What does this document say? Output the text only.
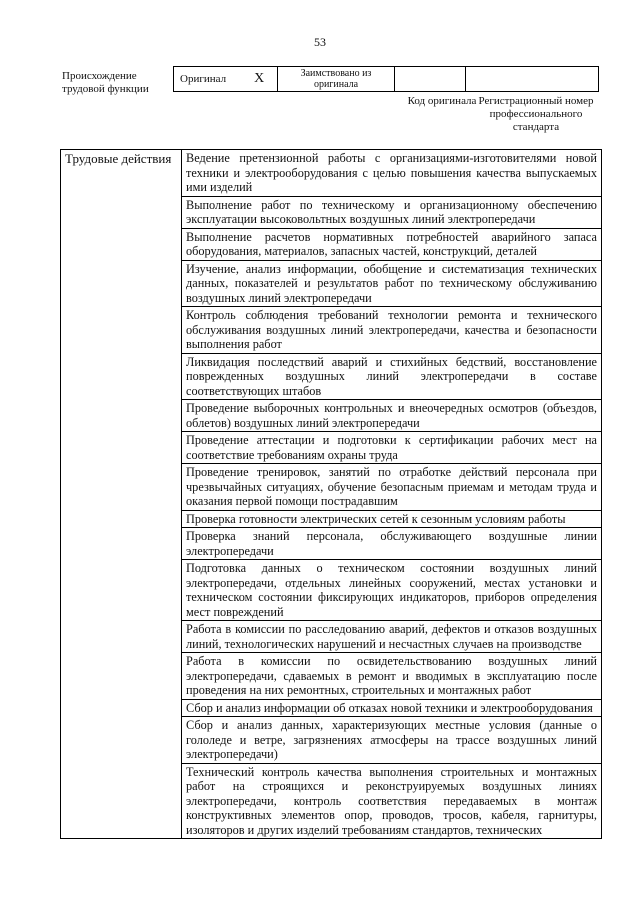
53
Происхождение трудовой функции
Оригинал X	Заимствовано из оригинала		
Код оригинала Регистрационный номер профессионального стандарта
Трудовые действия	Ведение претензионной работы с организациями-изготовителями новой техники и электрооборудования с целью повышения качества выпускаемых ими изделий
Выполнение работ по техническому и организационному обеспечению эксплуатации высоковольтных воздушных линий электропередачи
Выполнение расчетов нормативных потребностей аварийного запаса оборудования, материалов, запасных частей, конструкций, деталей
Изучение, анализ информации, обобщение и систематизация технических данных, показателей и результатов работ по техническому обслуживанию воздушных линий электропередачи
Контроль соблюдения требований технологии ремонта и технического обслуживания воздушных линий электропередачи, качества и безопасности выполнения работ
Ликвидация последствий аварий и стихийных бедствий, восстановление поврежденных воздушных линий электропередачи в составе соответствующих штабов
Проведение выборочных контрольных и внеочередных осмотров (объездов, облетов) воздушных линий электропередачи
Проведение аттестации и подготовки к сертификации рабочих мест на соответствие требованиям охраны труда
Проведение тренировок, занятий по отработке действий персонала при чрезвычайных ситуациях, обучение безопасным приемам и методам труда и оказания первой помощи пострадавшим
Проверка готовности электрических сетей к сезонным условиям работы
Проверка знаний персонала, обслуживающего воздушные линии электропередачи
Подготовка данных о техническом состоянии воздушных линий электропередачи, отдельных линейных сооружений, местах установки и техническом состоянии фиксирующих индикаторов, приборов определения мест повреждений
Работа в комиссии по расследованию аварий, дефектов и отказов воздушных линий, технологических нарушений и несчастных случаев на производстве
Работа в комиссии по освидетельствованию воздушных линий электропередачи, сдаваемых в ремонт и вводимых в эксплуатацию после проведения на них ремонтных, строительных и монтажных работ
Сбор и анализ информации об отказах новой техники и электрооборудования
Сбор и анализ данных, характеризующих местные условия (данные о гололеде и ветре, загрязнениях атмосферы на трассе воздушных линий электропередачи)
Технический контроль качества выполнения строительных и монтажных работ на строящихся и реконструируемых воздушных линиях электропередачи, контроль соответствия передаваемых в монтаж конструктивных элементов опор, проводов, тросов, кабеля, гарнитуры, изоляторов и других изделий требованиям стандартов, технических
